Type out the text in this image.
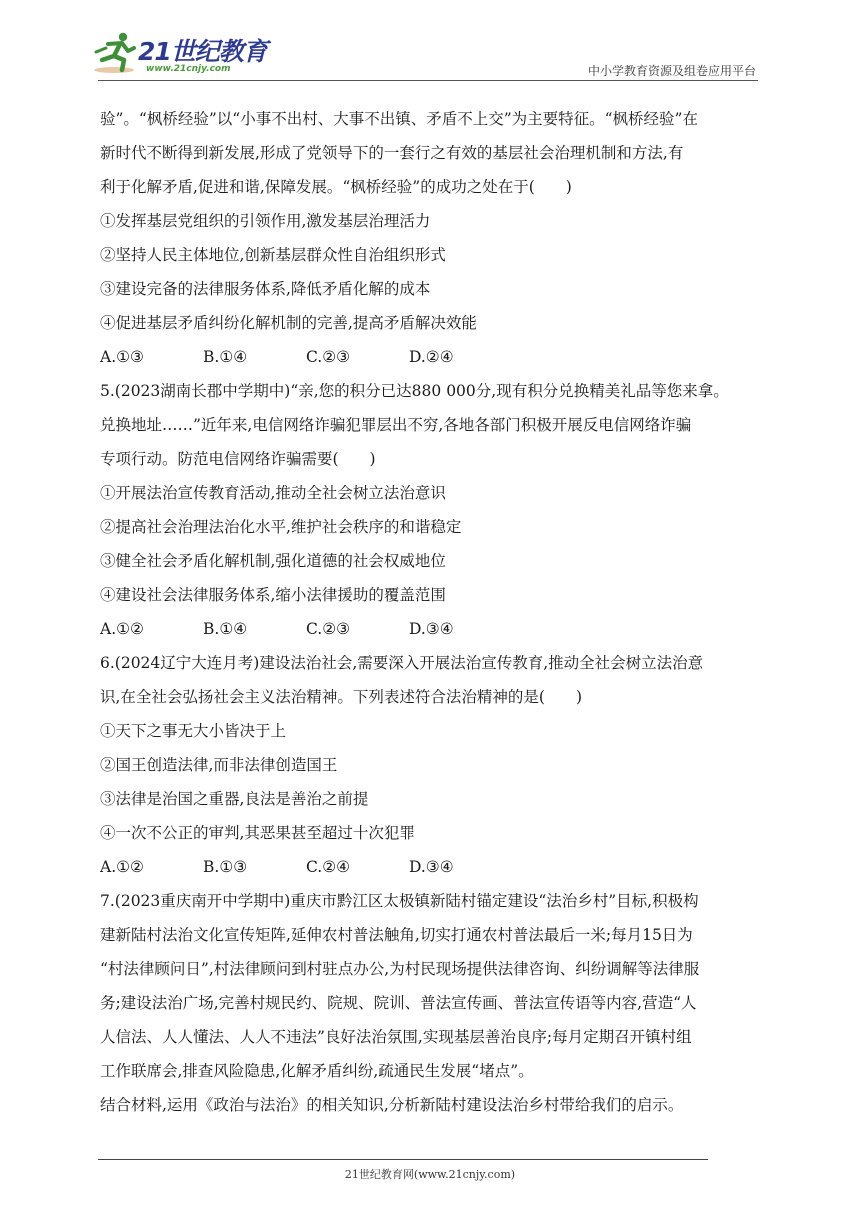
21世纪教育
www.21cnjy.com	中小学教育资源及组卷应用平台
验”。“枫桥经验”以“小事不出村、大事不出镇、矛盾不上交”为主要特征。“枫桥经验”在
新时代不断得到新发展,形成了党领导下的一套行之有效的基层社会治理机制和方法,有
利于化解矛盾,促进和谐,保障发展。“枫桥经验”的成功之处在于(　　)
①发挥基层党组织的引领作用,激发基层治理活力
②坚持人民主体地位,创新基层群众性自治组织形式
③建设完备的法律服务体系,降低矛盾化解的成本
④促进基层矛盾纠纷化解机制的完善,提高矛盾解决效能
A.①③	B.①④	C.②③	D.②④
5.(2023湖南长郡中学期中)“亲,您的积分已达880 000分,现有积分兑换精美礼品等您来拿。
兑换地址……”近年来,电信网络诈骗犯罪层出不穷,各地各部门积极开展反电信网络诈骗
专项行动。防范电信网络诈骗需要(　　)
①开展法治宣传教育活动,推动全社会树立法治意识
②提高社会治理法治化水平,维护社会秩序的和谐稳定
③健全社会矛盾化解机制,强化道德的社会权威地位
④建设社会法律服务体系,缩小法律援助的覆盖范围
A.①②	B.①④	C.②③	D.③④
6.(2024辽宁大连月考)建设法治社会,需要深入开展法治宣传教育,推动全社会树立法治意
识,在全社会弘扬社会主义法治精神。下列表述符合法治精神的是(　　)
①天下之事无大小皆决于上
②国王创造法律,而非法律创造国王
③法律是治国之重器,良法是善治之前提
④一次不公正的审判,其恶果甚至超过十次犯罪
A.①②	B.①③	C.②④	D.③④
7.(2023重庆南开中学期中)重庆市黔江区太极镇新陆村锚定建设“法治乡村”目标,积极构
建新陆村法治文化宣传矩阵,延伸农村普法触角,切实打通农村普法最后一米;每月15日为
“村法律顾问日”,村法律顾问到村驻点办公,为村民现场提供法律咨询、纠纷调解等法律服
务;建设法治广场,完善村规民约、院规、院训、普法宣传画、普法宣传语等内容,营造“人
人信法、人人懂法、人人不违法”良好法治氛围,实现基层善治良序;每月定期召开镇村组
工作联席会,排查风险隐患,化解矛盾纠纷,疏通民生发展“堵点”。
结合材料,运用《政治与法治》的相关知识,分析新陆村建设法治乡村带给我们的启示。
21世纪教育网(www.21cnjy.com)
